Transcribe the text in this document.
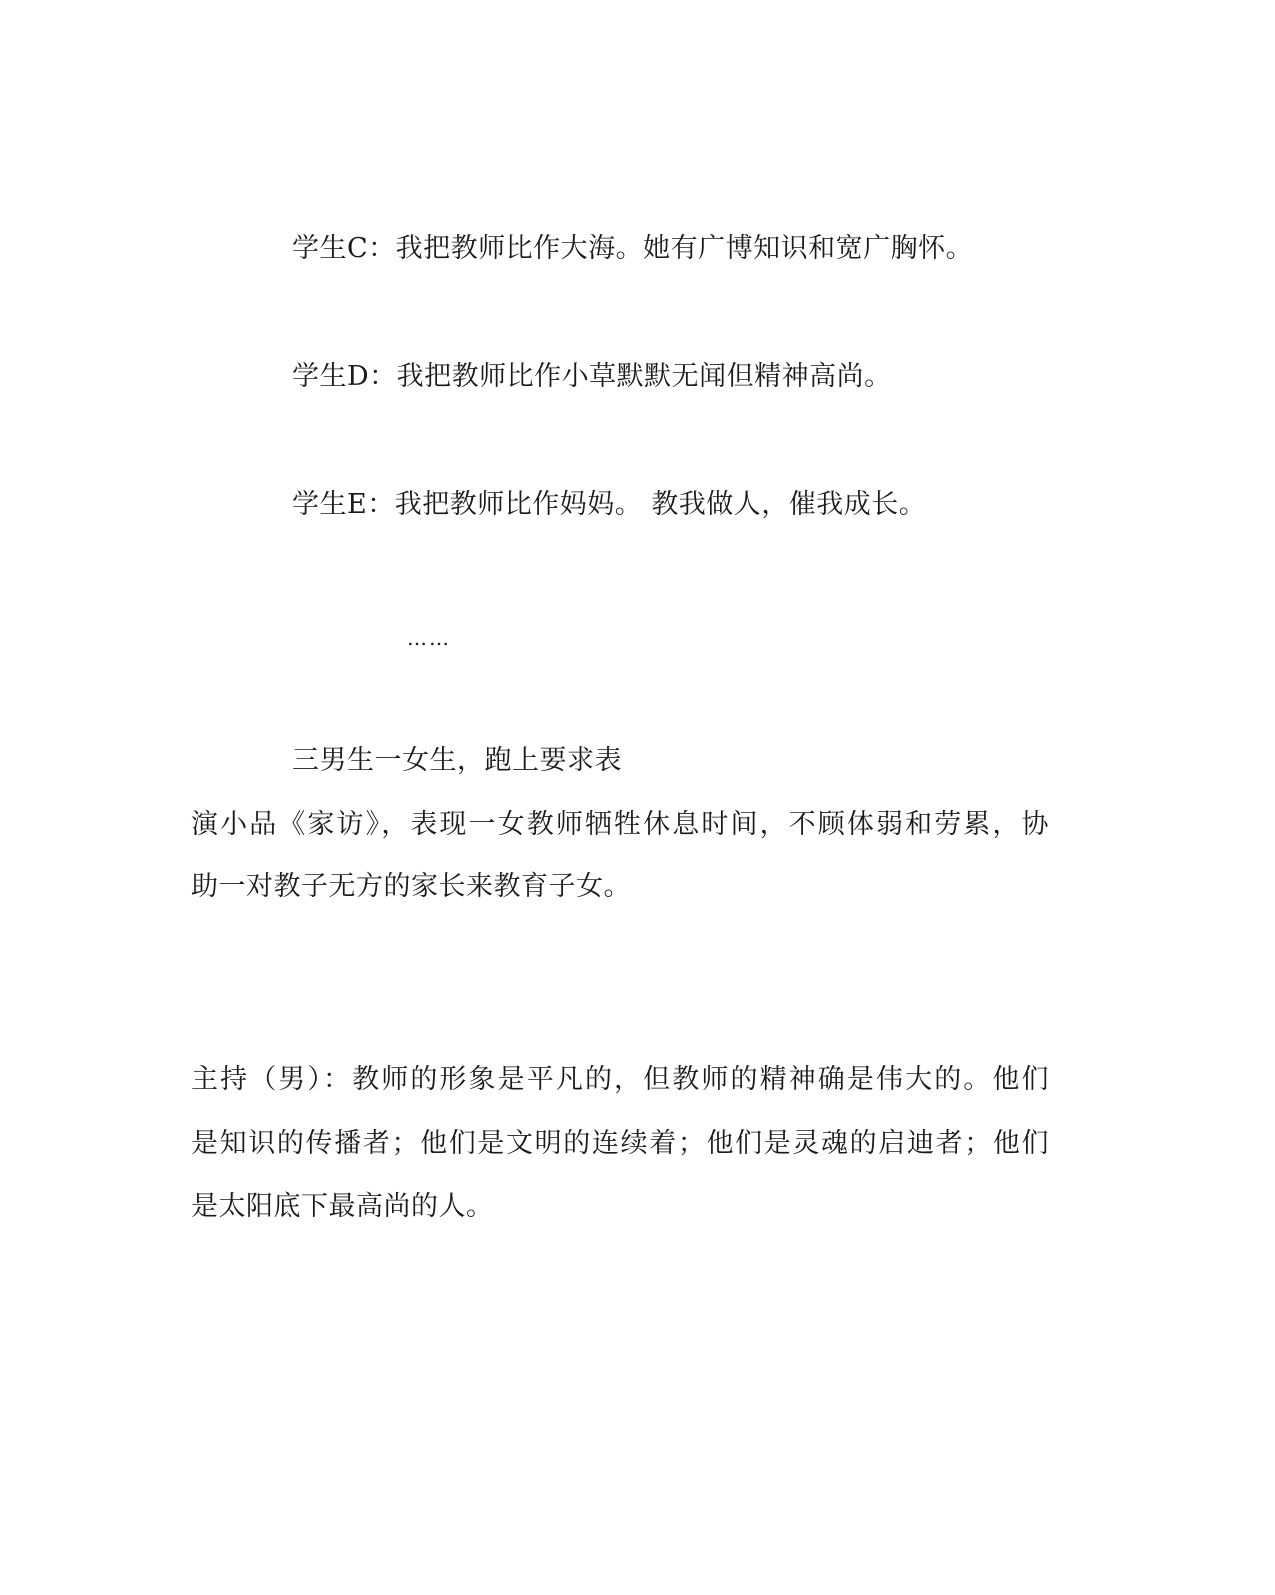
学生C：我把教师比作大海。她有广博知识和宽广胸怀。
学生D：我把教师比作小草默默无闻但精神高尚。
学生E：我把教师比作妈妈。 教我做人，催我成长。
……
三男生一女生，跑上要求表
演小品《家访》，表现一女教师牺牲休息时间，不顾体弱和劳累，协
助一对教子无方的家长来教育子女。
主持（男）：教师的形象是平凡的，但教师的精神确是伟大的。他们
是知识的传播者；他们是文明的连续着；他们是灵魂的启迪者；他们
是太阳底下最高尚的人。
